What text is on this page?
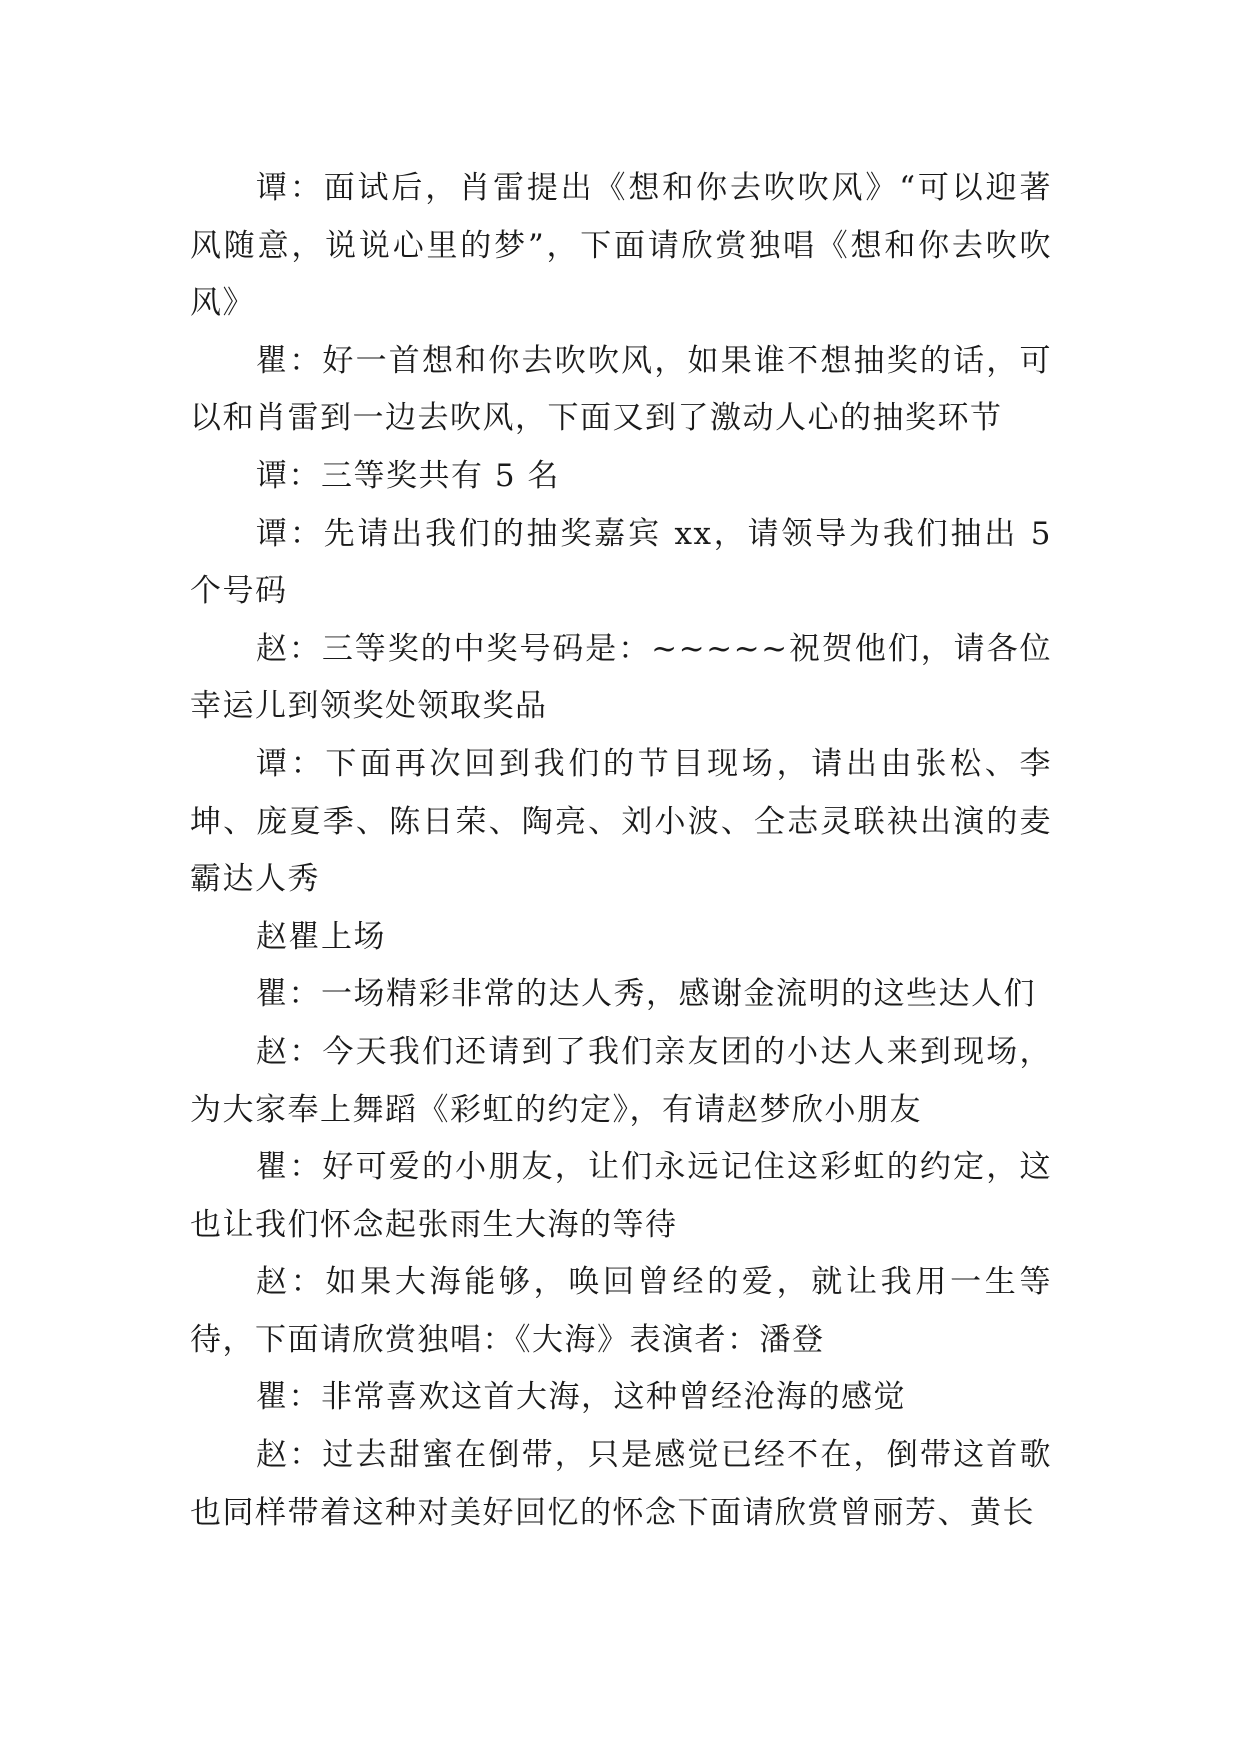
谭：面试后，肖雷提出《想和你去吹吹风》“可以迎著风随意，说说心里的梦”，下面请欣赏独唱《想和你去吹吹风》

瞿：好一首想和你去吹吹风，如果谁不想抽奖的话，可以和肖雷到一边去吹风，下面又到了激动人心的抽奖环节

谭：三等奖共有 5 名

谭：先请出我们的抽奖嘉宾 xx，请领导为我们抽出 5 个号码

赵：三等奖的中奖号码是：~~~~~祝贺他们，请各位幸运儿到领奖处领取奖品

谭：下面再次回到我们的节目现场，请出由张松、李坤、庞夏季、陈日荣、陶亮、刘小波、仝志灵联袂出演的麦霸达人秀

赵瞿上场

瞿：一场精彩非常的达人秀，感谢金流明的这些达人们

赵：今天我们还请到了我们亲友团的小达人来到现场，为大家奉上舞蹈《彩虹的约定》，有请赵梦欣小朋友

瞿：好可爱的小朋友，让们永远记住这彩虹的约定，这也让我们怀念起张雨生大海的等待

赵：如果大海能够，唤回曾经的爱，就让我用一生等待，下面请欣赏独唱：《大海》表演者：潘登

瞿：非常喜欢这首大海，这种曾经沧海的感觉

赵：过去甜蜜在倒带，只是感觉已经不在，倒带这首歌也同样带着这种对美好回忆的怀念下面请欣赏曾丽芳、黄长
